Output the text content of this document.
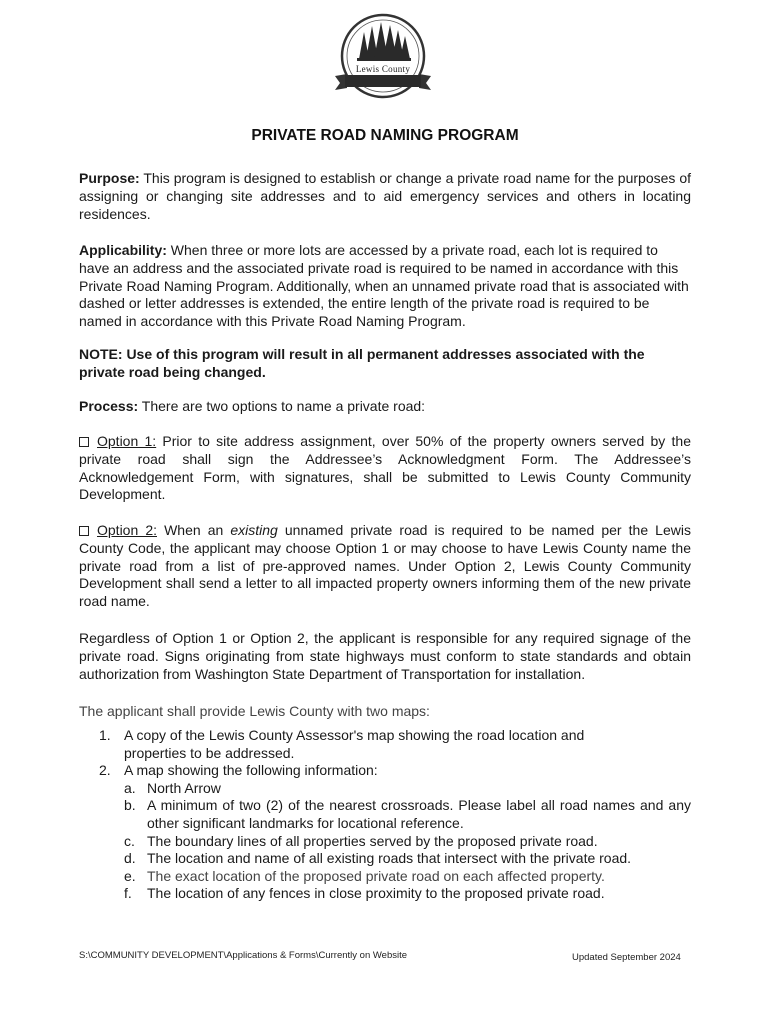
Lewis County
PRIVATE ROAD NAMING PROGRAM

Purpose: This program is designed to establish or change a private road name for the purposes of assigning or changing site addresses and to aid emergency services and others in locating residences.

Applicability: When three or more lots are accessed by a private road, each lot is required to have an address and the associated private road is required to be named in accordance with this Private Road Naming Program. Additionally, when an unnamed private road that is associated with dashed or letter addresses is extended, the entire length of the private road is required to be named in accordance with this Private Road Naming Program.

NOTE: Use of this program will result in all permanent addresses associated with the private road being changed.

Process: There are two options to name a private road:

Option 1: Prior to site address assignment, over 50% of the property owners served by the private road shall sign the Addressee’s Acknowledgment Form. The Addressee’s Acknowledgement Form, with signatures, shall be submitted to Lewis County Community Development.

Option 2: When an existing unnamed private road is required to be named per the Lewis County Code, the applicant may choose Option 1 or may choose to have Lewis County name the private road from a list of pre-approved names. Under Option 2, Lewis County Community Development shall send a letter to all impacted property owners informing them of the new private road name.

Regardless of Option 1 or Option 2, the applicant is responsible for any required signage of the private road. Signs originating from state highways must conform to state standards and obtain authorization from Washington State Department of Transportation for installation.

The applicant shall provide Lewis County with two maps:

1. A copy of the Lewis County Assessor's map showing the road location and properties to be addressed.
2. A map showing the following information:
a. North Arrow
b. A minimum of two (2) of the nearest crossroads. Please label all road names and any other significant landmarks for locational reference.
c. The boundary lines of all properties served by the proposed private road.
d. The location and name of all existing roads that intersect with the private road.
e. The exact location of the proposed private road on each affected property.
f. The location of any fences in close proximity to the proposed private road.
S:\COMMUNITY DEVELOPMENT\Applications & Forms\Currently on Website	Updated September 2024
